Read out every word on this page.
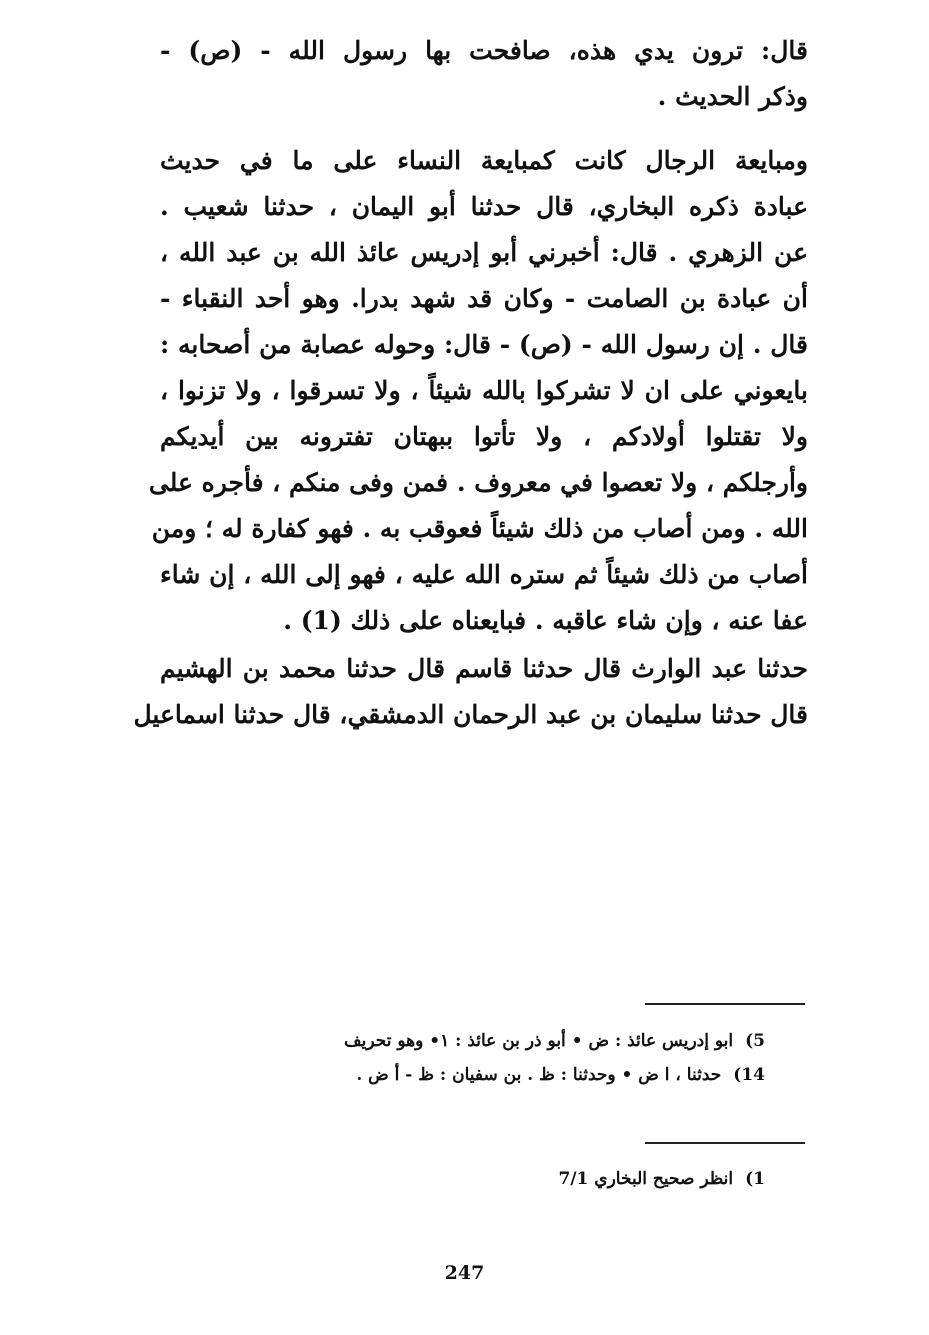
قال: ترون يدي هذه، صافحت بها رسول الله - (ص) -
وذكر الحديث .
ومبايعة الرجال كانت كمبايعة النساء على ما في حديث
عبادة ذكره البخاري، قال حدثنا أبو اليمان ، حدثنا شعيب .
عن الزهري . قال: أخبرني أبو إدريس عائذ الله بن عبد الله ،
أن عبادة بن الصامت - وكان قد شهد بدرا. وهو أحد النقباء -
قال . إن رسول الله - (ص) - قال: وحوله عصابة من أصحابه :
بايعوني على ان لا تشركوا بالله شيئاً ، ولا تسرقوا ، ولا تزنوا ،
ولا تقتلوا أولادكم ، ولا تأتوا ببهتان تفترونه بين أيديكم
وأرجلكم ، ولا تعصوا في معروف . فمن وفى منكم ، فأجره على
الله . ومن أصاب من ذلك شيئاً فعوقب به . فهو كفارة له ؛ ومن
أصاب من ذلك شيئاً ثم ستره الله عليه ، فهو إلى الله ، إن شاء
عفا عنه ، وإن شاء عاقبه . فبايعناه على ذلك (1) .
حدثنا عبد الوارث قال حدثنا قاسم قال حدثنا محمد بن الهشيم
قال حدثنا سليمان بن عبد الرحمان الدمشقي، قال حدثنا اسماعيل
5)ابو إدريس عائذ : ض • أبو ذر بن عائذ : ١• وهو تحريف
14)حدثنا ، ا ض • وحدثنا : ظ . بن سفيان : ظ - أ ض .
1)انظر صحيح البخاري 7/1
247
